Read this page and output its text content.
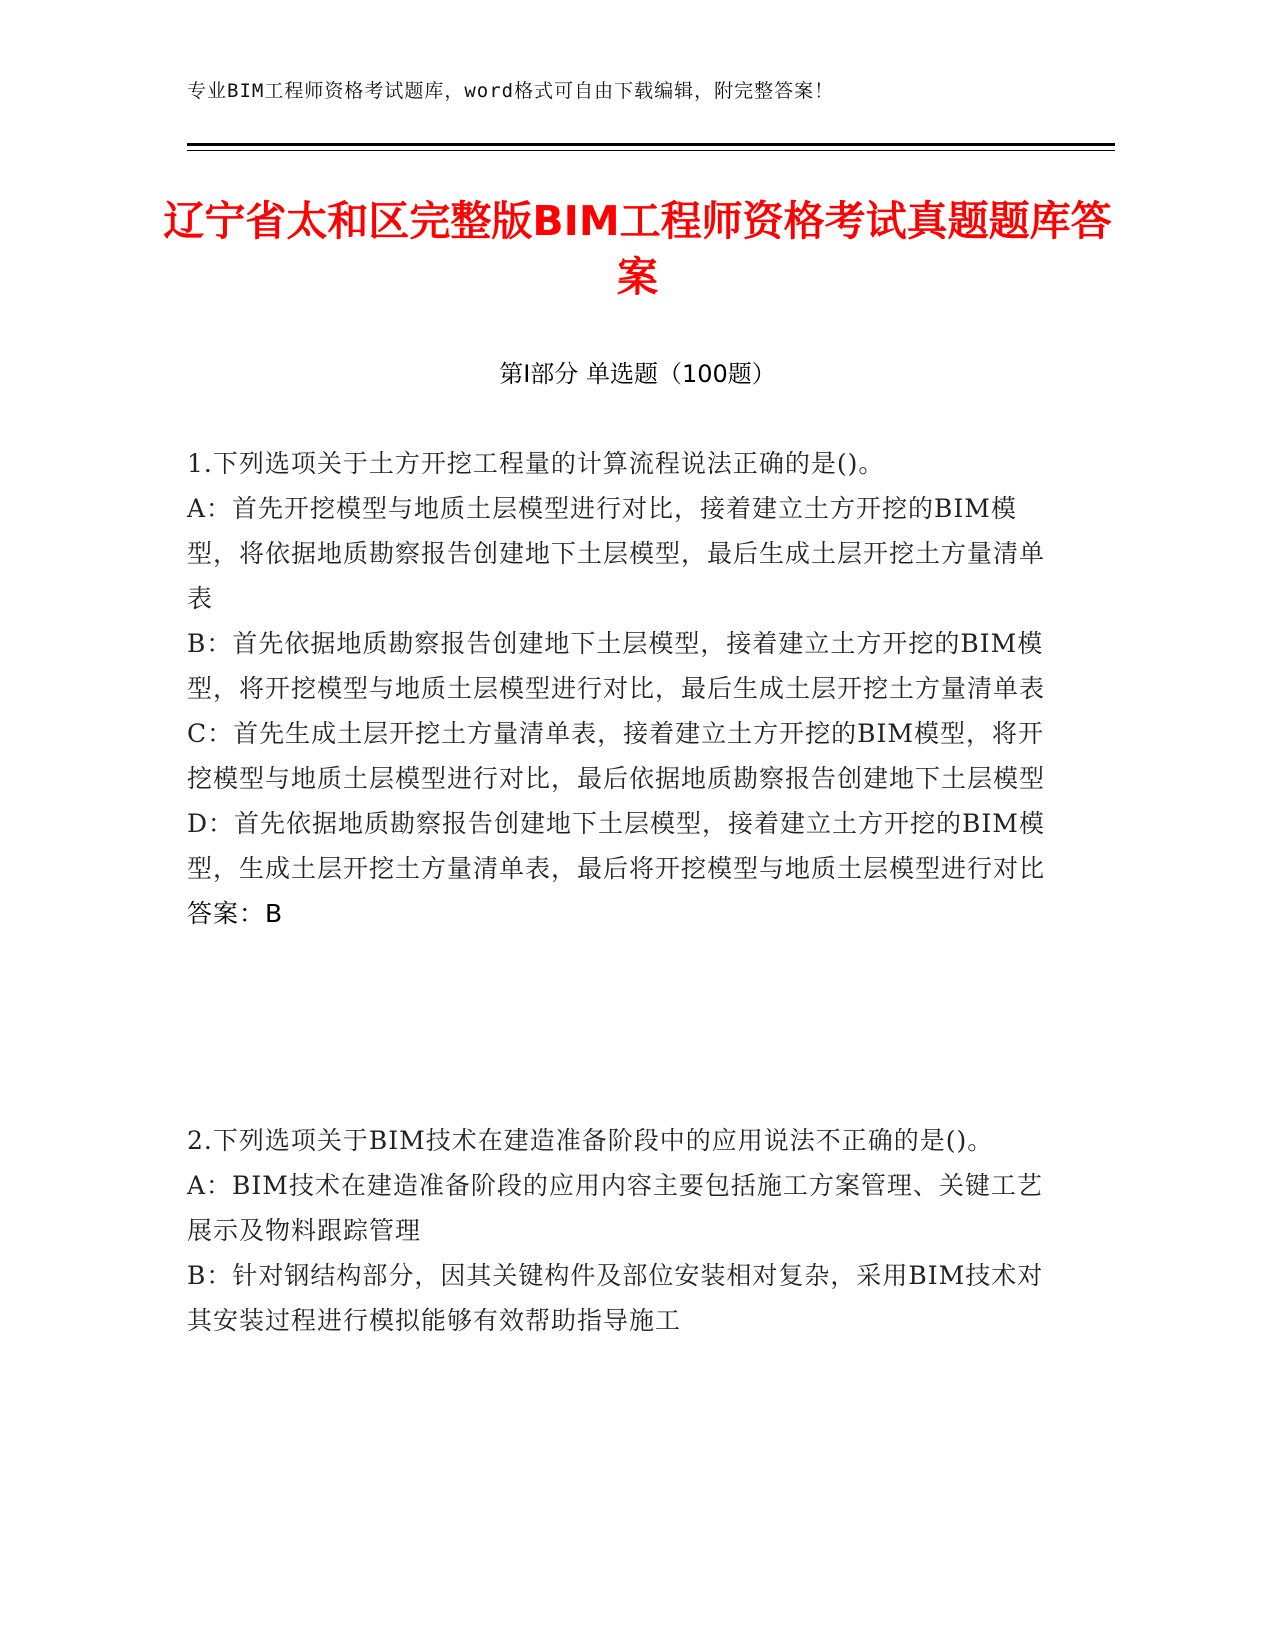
专业BIM工程师资格考试题库，word格式可自由下载编辑，附完整答案！
辽宁省太和区完整版BIM工程师资格考试真题题库答案
第Ⅰ部分 单选题（100题）

1.下列选项关于土方开挖工程量的计算流程说法正确的是()。

A：首先开挖模型与地质土层模型进行对比，接着建立土方开挖的BIM模型，将依据地质勘察报告创建地下土层模型，最后生成土层开挖土方量清单表

B：首先依据地质勘察报告创建地下土层模型，接着建立土方开挖的BIM模型，将开挖模型与地质土层模型进行对比，最后生成土层开挖土方量清单表

C：首先生成土层开挖土方量清单表，接着建立土方开挖的BIM模型，将开挖模型与地质土层模型进行对比，最后依据地质勘察报告创建地下土层模型

D：首先依据地质勘察报告创建地下土层模型，接着建立土方开挖的BIM模型，生成土层开挖土方量清单表，最后将开挖模型与地质土层模型进行对比

答案：B

2.下列选项关于BIM技术在建造准备阶段中的应用说法不正确的是()。

A：BIM技术在建造准备阶段的应用内容主要包括施工方案管理、关键工艺展示及物料跟踪管理

B：针对钢结构部分，因其关键构件及部位安装相对复杂，采用BIM技术对其安装过程进行模拟能够有效帮助指导施工
